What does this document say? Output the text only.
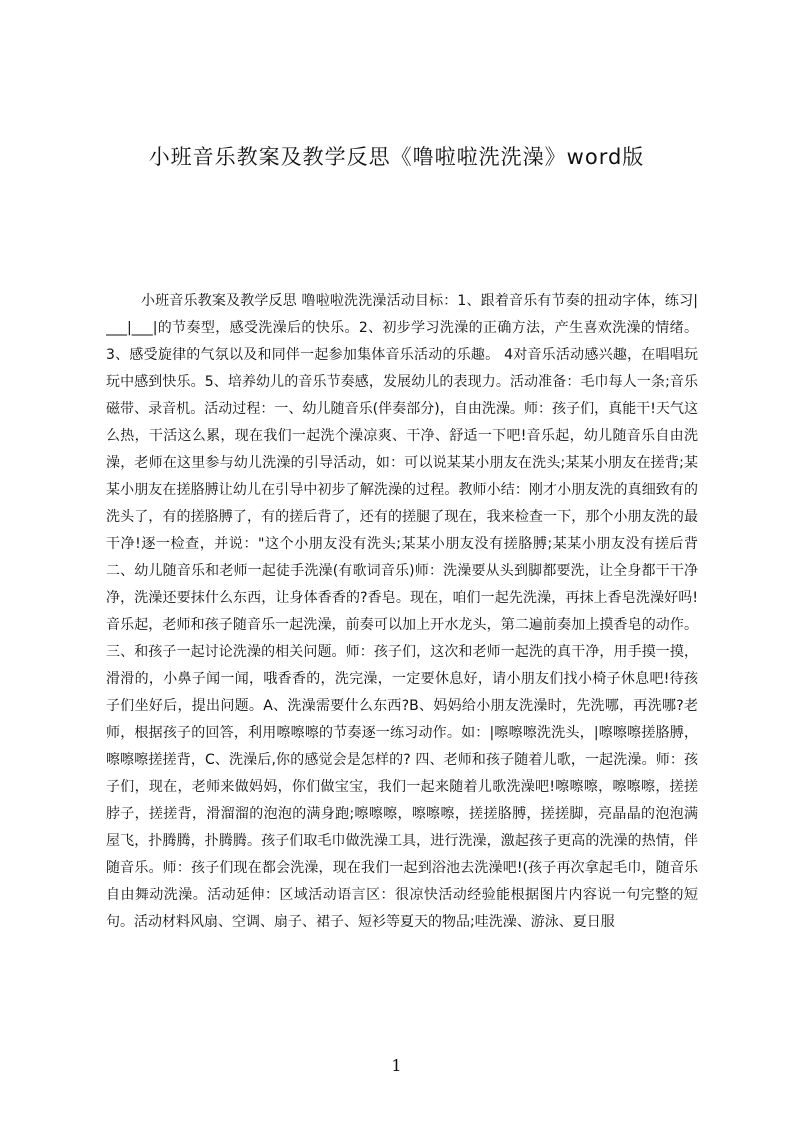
小班音乐教案及教学反思《噜啦啦洗洗澡》word版

小班音乐教案及教学反思 噜啦啦洗洗澡活动目标：1、跟着音乐有节奏的扭动字体，练习|___|___|的节奏型，感受洗澡后的快乐。2、初步学习洗澡的正确方法，产生喜欢洗澡的情绪。3、感受旋律的气氛以及和同伴一起参加集体音乐活动的乐趣。 4对音乐活动感兴趣，在唱唱玩玩中感到快乐。5、培养幼儿的音乐节奏感，发展幼儿的表现力。活动准备：毛巾每人一条;音乐磁带、录音机。活动过程：一、幼儿随音乐(伴奏部分)，自由洗澡。师：孩子们，真能干!天气这么热，干活这么累，现在我们一起洗个澡凉爽、干净、舒适一下吧!音乐起，幼儿随音乐自由洗澡，老师在这里参与幼儿洗澡的引导活动，如：可以说某某小朋友在洗头;某某小朋友在搓背;某某小朋友在搓胳膊让幼儿在引导中初步了解洗澡的过程。教师小结：刚才小朋友洗的真细致有的洗头了，有的搓胳膊了，有的搓后背了，还有的搓腿了现在，我来检查一下，那个小朋友洗的最干净!逐一检查，并说："这个小朋友没有洗头;某某小朋友没有搓胳膊;某某小朋友没有搓后背二、幼儿随音乐和老师一起徒手洗澡(有歌词音乐)师：洗澡要从头到脚都要洗，让全身都干干净净，洗澡还要抹什么东西，让身体香香的?香皂。现在，咱们一起先洗澡，再抹上香皂洗澡好吗!音乐起，老师和孩子随音乐一起洗澡，前奏可以加上开水龙头，第二遍前奏加上摸香皂的动作。三、和孩子一起讨论洗澡的相关问题。师：孩子们，这次和老师一起洗的真干净，用手摸一摸，滑滑的，小鼻子闻一闻，哦香香的，洗完澡，一定要休息好，请小朋友们找小椅子休息吧!待孩子们坐好后，提出问题。A、洗澡需要什么东西?B、妈妈给小朋友洗澡时，先洗哪，再洗哪?老师，根据孩子的回答，利用嚓嚓嚓的节奏逐一练习动作。如：|嚓嚓嚓洗洗头，|嚓嚓嚓搓胳膊，嚓嚓嚓搓搓背，C、洗澡后,你的感觉会是怎样的? 四、老师和孩子随着儿歌，一起洗澡。师：孩子们，现在，老师来做妈妈，你们做宝宝，我们一起来随着儿歌洗澡吧!嚓嚓嚓，嚓嚓嚓，搓搓脖子，搓搓背，滑溜溜的泡泡的满身跑;嚓嚓嚓，嚓嚓嚓，搓搓胳膊，搓搓脚，亮晶晶的泡泡满屋飞，扑腾腾，扑腾腾。孩子们取毛巾做洗澡工具，进行洗澡，激起孩子更高的洗澡的热情，伴随音乐。师：孩子们现在都会洗澡，现在我们一起到浴池去洗澡吧!(孩子再次拿起毛巾，随音乐自由舞动洗澡。活动延伸：区域活动语言区：很凉快活动经验能根据图片内容说一句完整的短句。活动材料风扇、空调、扇子、裙子、短衫等夏天的物品;哇洗澡、游泳、夏日服

1
